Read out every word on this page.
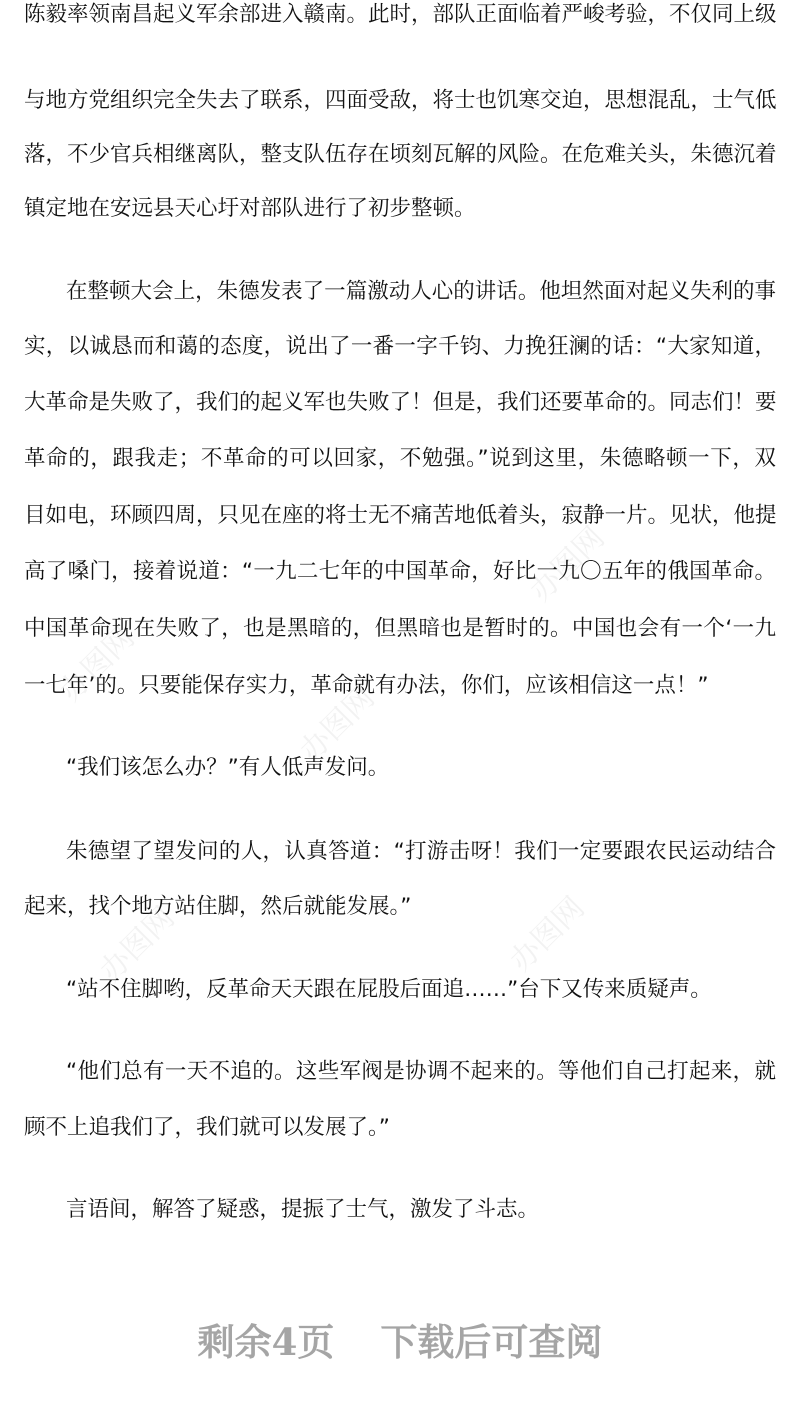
办图网
办图网
办图网
办图网	办图网
陈毅率领南昌起义军余部进入赣南。此时，部队正面临着严峻考验，不仅同上级
与地方党组织完全失去了联系，四面受敌，将士也饥寒交迫，思想混乱，士气低
落，不少官兵相继离队，整支队伍存在顷刻瓦解的风险。在危难关头，朱德沉着
镇定地在安远县天心圩对部队进行了初步整顿。
在整顿大会上，朱德发表了一篇激动人心的讲话。他坦然面对起义失利的事
实，以诚恳而和蔼的态度，说出了一番一字千钧、力挽狂澜的话：“大家知道，
大革命是失败了，我们的起义军也失败了！但是，我们还要革命的。同志们！要
革命的，跟我走；不革命的可以回家，不勉强。”说到这里，朱德略顿一下，双
目如电，环顾四周，只见在座的将士无不痛苦地低着头，寂静一片。见状，他提
高了嗓门，接着说道：“一九二七年的中国革命，好比一九〇五年的俄国革命。
中国革命现在失败了，也是黑暗的，但黑暗也是暂时的。中国也会有一个‘一九
一七年’的。只要能保存实力，革命就有办法，你们，应该相信这一点！”
“我们该怎么办？”有人低声发问。
朱德望了望发问的人，认真答道：“打游击呀！我们一定要跟农民运动结合
起来，找个地方站住脚，然后就能发展。”
“站不住脚哟，反革命天天跟在屁股后面追……”台下又传来质疑声。
“他们总有一天不追的。这些军阀是协调不起来的。等他们自己打起来，就
顾不上追我们了，我们就可以发展了。”
言语间，解答了疑惑，提振了士气，激发了斗志。
剩余4页 下载后可查阅
